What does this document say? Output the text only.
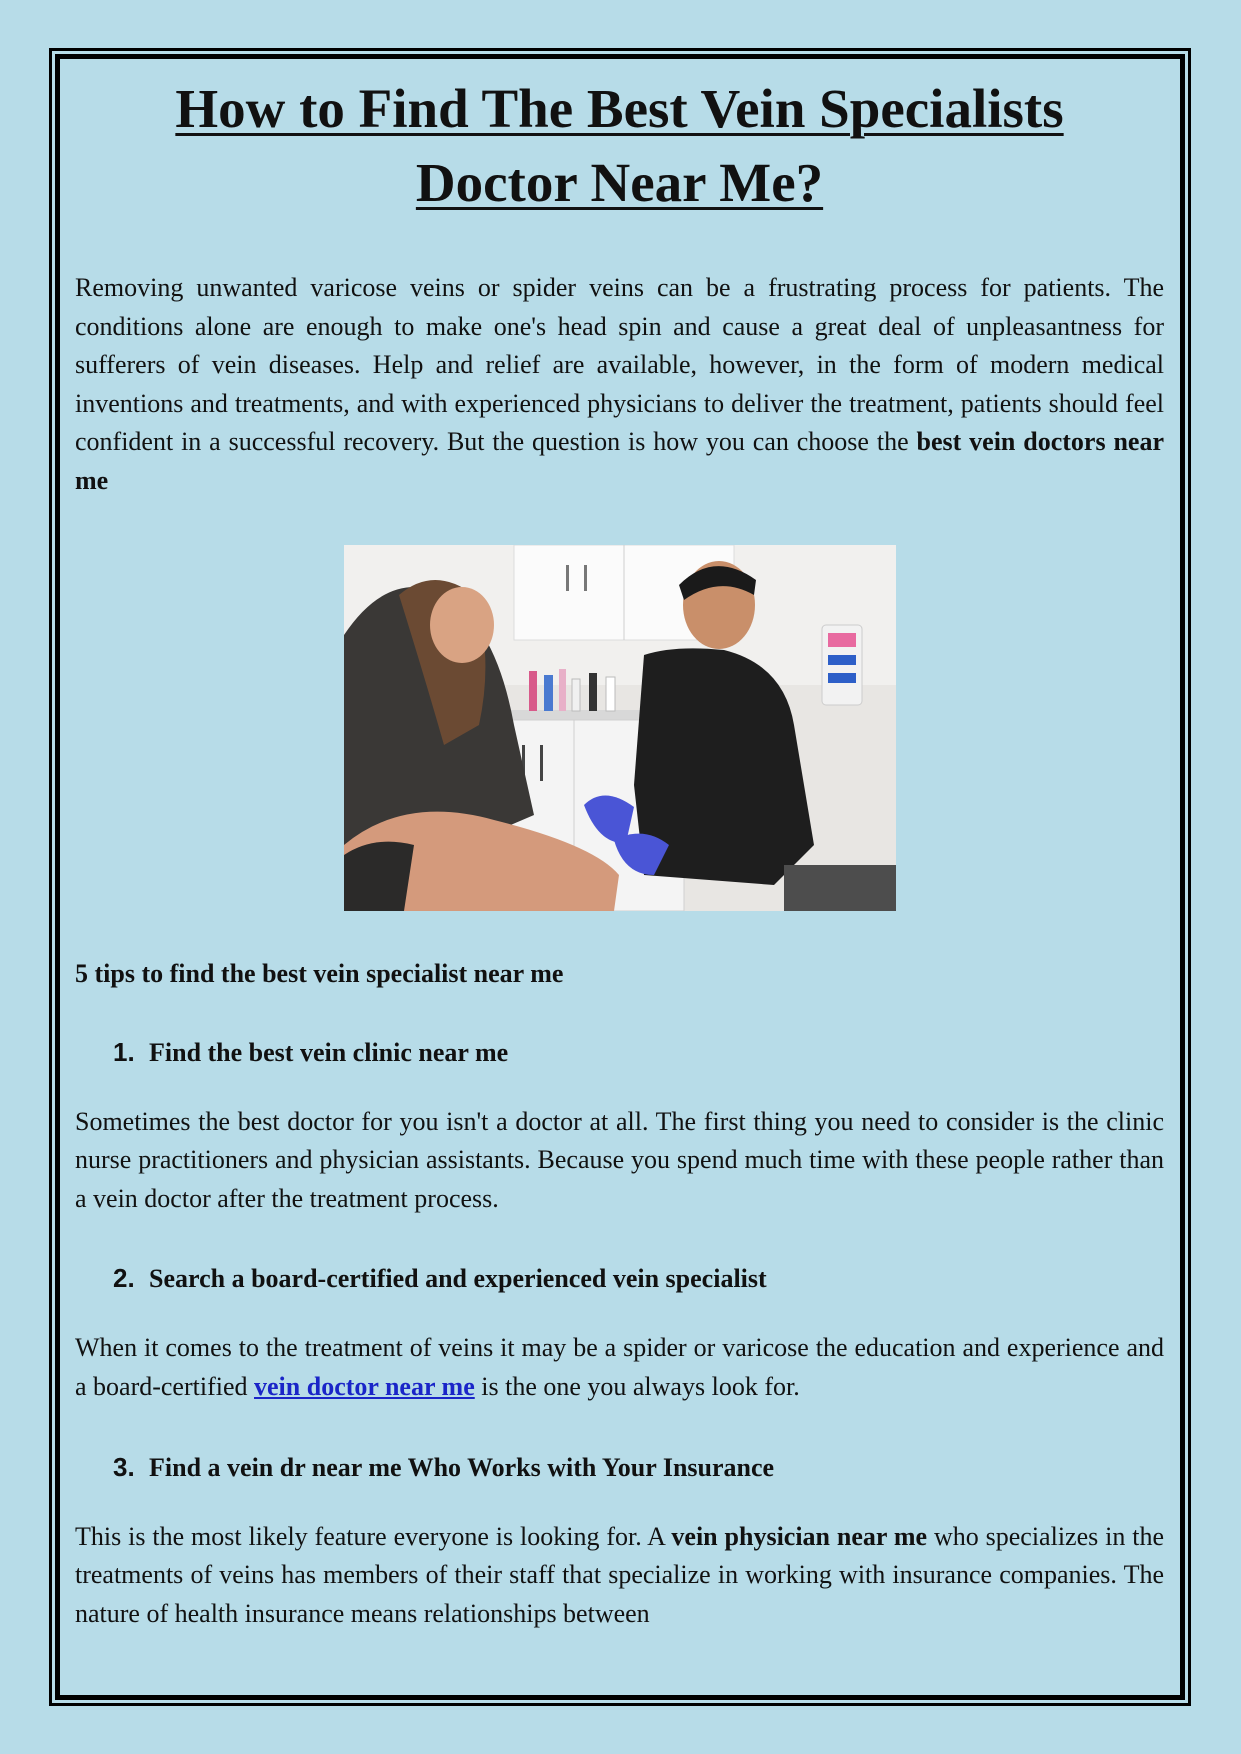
How to Find The Best Vein Specialists
Doctor Near Me?

Removing unwanted varicose veins or spider veins can be a frustrating process for patients. The conditions alone are enough to make one's head spin and cause a great deal of unpleasantness for sufferers of vein diseases. Help and relief are available, however, in the form of modern medical inventions and treatments, and with experienced physicians to deliver the treatment, patients should feel confident in a successful recovery. But the question is how you can choose the best vein doctors near me

5 tips to find the best vein specialist near me

1. Find the best vein clinic near me

Sometimes the best doctor for you isn't a doctor at all. The first thing you need to consider is the clinic nurse practitioners and physician assistants. Because you spend much time with these people rather than a vein doctor after the treatment process.

2. Search a board-certified and experienced vein specialist

When it comes to the treatment of veins it may be a spider or varicose the education and experience and a board-certified vein doctor near me is the one you always look for.

3. Find a vein dr near me Who Works with Your Insurance

This is the most likely feature everyone is looking for. A vein physician near me who specializes in the treatments of veins has members of their staff that specialize in working with insurance companies. The nature of health insurance means relationships between
